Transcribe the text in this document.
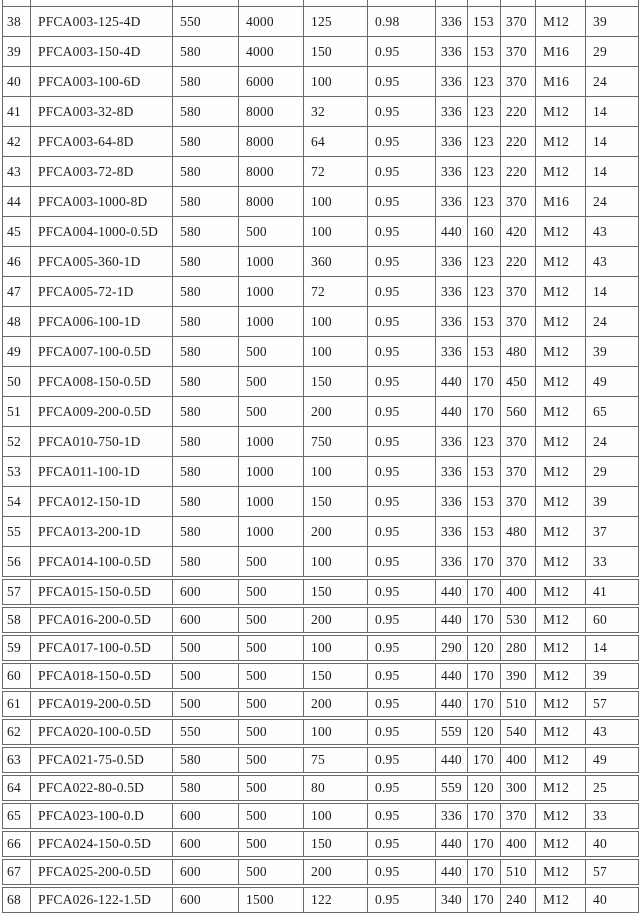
38	PFCA003-125-4D	550	4000	125	0.98	336 153 370	M12	39
39	PFCA003-150-4D	580	4000	150	0.95	336 153 370	M16	29
40	PFCA003-100-6D	580	6000	100	0.95	336 123 370	M16	24
41	PFCA003-32-8D	580	8000	32	0.95	336 123 220	M12	14
42	PFCA003-64-8D	580	8000	64	0.95	336 123 220	M12	14
43	PFCA003-72-8D	580	8000	72	0.95	336 123 220	M12	14
44	PFCA003-1000-8D	580	8000	100	0.95	336 123 370	M16	24
45	PFCA004-1000-0.5D	580	500	100	0.95	440 160 420	M12	43
46	PFCA005-360-1D	580	1000	360	0.95	336 123 220	M12	43
47	PFCA005-72-1D	580	1000	72	0.95	336 123 370	M12	14
48	PFCA006-100-1D	580	1000	100	0.95	336 153 370	M12	24
49	PFCA007-100-0.5D	580	500	100	0.95	336 153 480	M12	39
50	PFCA008-150-0.5D	580	500	150	0.95	440 170 450	M12	49
51	PFCA009-200-0.5D	580	500	200	0.95	440 170 560	M12	65
52	PFCA010-750-1D	580	1000	750	0.95	336 123 370	M12	24
53	PFCA011-100-1D	580	1000	100	0.95	336 153 370	M12	29
54	PFCA012-150-1D	580	1000	150	0.95	336 153 370	M12	39
55	PFCA013-200-1D	580	1000	200	0.95	336 153 480	M12	37
56	PFCA014-100-0.5D	580	500	100	0.95	336 170 370	M12	33
57	PFCA015-150-0.5D	600	500	150	0.95	440 170 400	M12	41
58	PFCA016-200-0.5D	600	500	200	0.95	440 170 530	M12	60
59	PFCA017-100-0.5D	500	500	100	0.95	290 120 280	M12	14
60	PFCA018-150-0.5D	500	500	150	0.95	440 170 390	M12	39
61	PFCA019-200-0.5D	500	500	200	0.95	440 170 510	M12	57
62	PFCA020-100-0.5D	550	500	100	0.95	559 120 540	M12	43
63	PFCA021-75-0.5D	580	500	75	0.95	440 170 400	M12	49
64	PFCA022-80-0.5D	580	500	80	0.95	559 120 300	M12	25
65	PFCA023-100-0.D	600	500	100	0.95	336 170 370	M12	33
66	PFCA024-150-0.5D	600	500	150	0.95	440 170 400	M12	40
67	PFCA025-200-0.5D	600	500	200	0.95	440 170 510	M12	57
68	PFCA026-122-1.5D	600	1500	122	0.95	340 170 240	M12	40
